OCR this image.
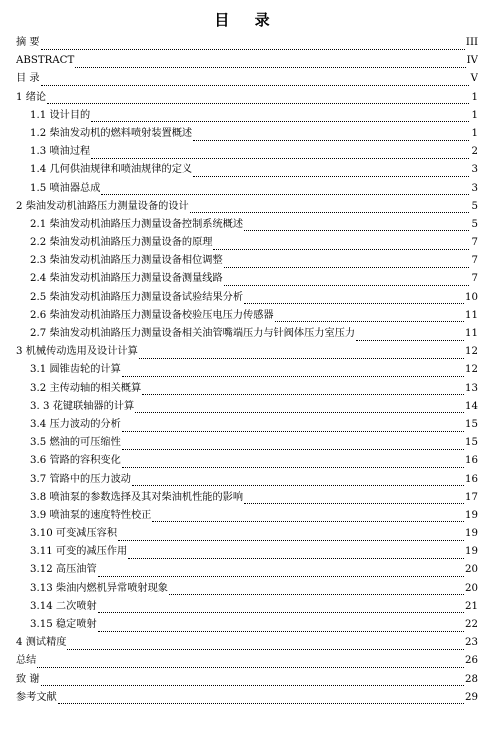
目 录
摘 要	III
ABSTRACT	IV
目 录	V
1 绪论	1
1.1 设计目的	1
1.2 柴油发动机的燃料喷射装置概述	1
1.3 喷油过程	2
1.4 几何供油规律和喷油规律的定义	3
1.5 喷油器总成	3
2 柴油发动机油路压力测量设备的设计	5
2.1 柴油发动机油路压力测量设备控制系统概述	5
2.2 柴油发动机油路压力测量设备的原理	7
2.3 柴油发动机油路压力测量设备相位调整	7
2.4 柴油发动机油路压力测量设备测量线路	7
2.5 柴油发动机油路压力测量设备试验结果分析	10
2.6 柴油发动机油路压力测量设备校验压电压力传感器	11
2.7 柴油发动机油路压力测量设备相关油管嘴端压力与针阀体压力室压力	11
3 机械传动选用及设计计算	12
3.1 圆锥齿轮的计算	12
3.2 主传动轴的相关概算	13
3. 3 花键联轴器的计算	14
3.4 压力波动的分析	15
3.5 燃油的可压缩性	15
3.6 管路的容积变化	16
3.7 管路中的压力波动	16
3.8 喷油泵的参数选择及其对柴油机性能的影响	17
3.9 喷油泵的速度特性校正	19
3.10 可变减压容积	19
3.11 可变的减压作用	19
3.12 高压油管	20
3.13 柴油内燃机异常喷射现象	20
3.14 二次喷射	21
3.15 稳定喷射	22
4 测试精度	23
总结	26
致 谢	28
参考文献	29
